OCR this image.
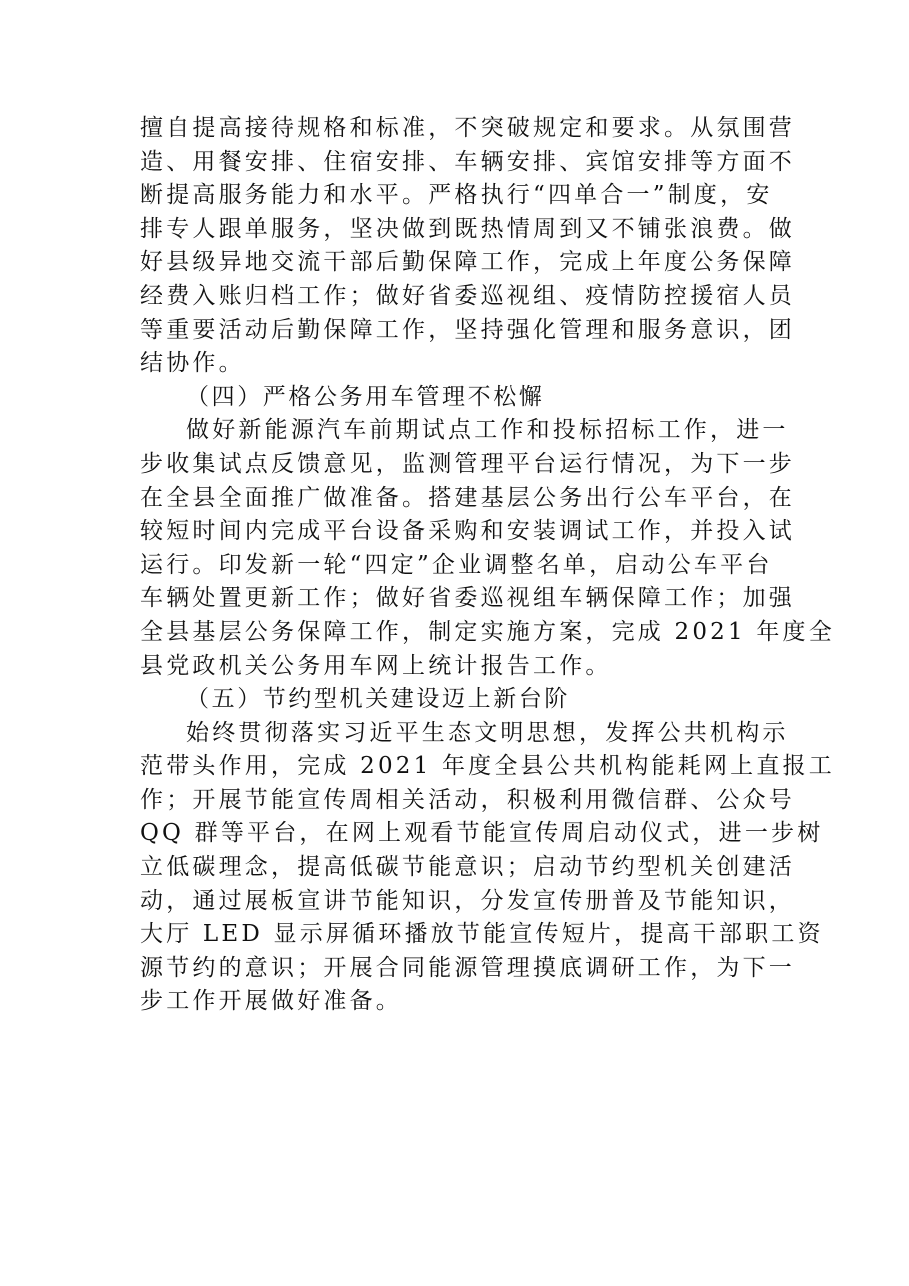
擅自提高接待规格和标准，不突破规定和要求。从氛围营
造、用餐安排、住宿安排、车辆安排、宾馆安排等方面不
断提高服务能力和水平。严格执行“四单合一”制度，安
排专人跟单服务，坚决做到既热情周到又不铺张浪费。做
好县级异地交流干部后勤保障工作，完成上年度公务保障
经费入账归档工作；做好省委巡视组、疫情防控援宿人员
等重要活动后勤保障工作，坚持强化管理和服务意识，团
结协作。
（四）严格公务用车管理不松懈
做好新能源汽车前期试点工作和投标招标工作，进一
步收集试点反馈意见，监测管理平台运行情况，为下一步
在全县全面推广做准备。搭建基层公务出行公车平台，在
较短时间内完成平台设备采购和安装调试工作，并投入试
运行。印发新一轮“四定”企业调整名单，启动公车平台
车辆处置更新工作；做好省委巡视组车辆保障工作；加强
全县基层公务保障工作，制定实施方案，完成 2021 年度全
县党政机关公务用车网上统计报告工作。
（五）节约型机关建设迈上新台阶
始终贯彻落实习近平生态文明思想，发挥公共机构示
范带头作用，完成 2021 年度全县公共机构能耗网上直报工
作；开展节能宣传周相关活动，积极利用微信群、公众号
QQ 群等平台，在网上观看节能宣传周启动仪式，进一步树
立低碳理念，提高低碳节能意识；启动节约型机关创建活
动，通过展板宣讲节能知识，分发宣传册普及节能知识，
大厅 LED 显示屏循环播放节能宣传短片，提高干部职工资
源节约的意识；开展合同能源管理摸底调研工作，为下一
步工作开展做好准备。
